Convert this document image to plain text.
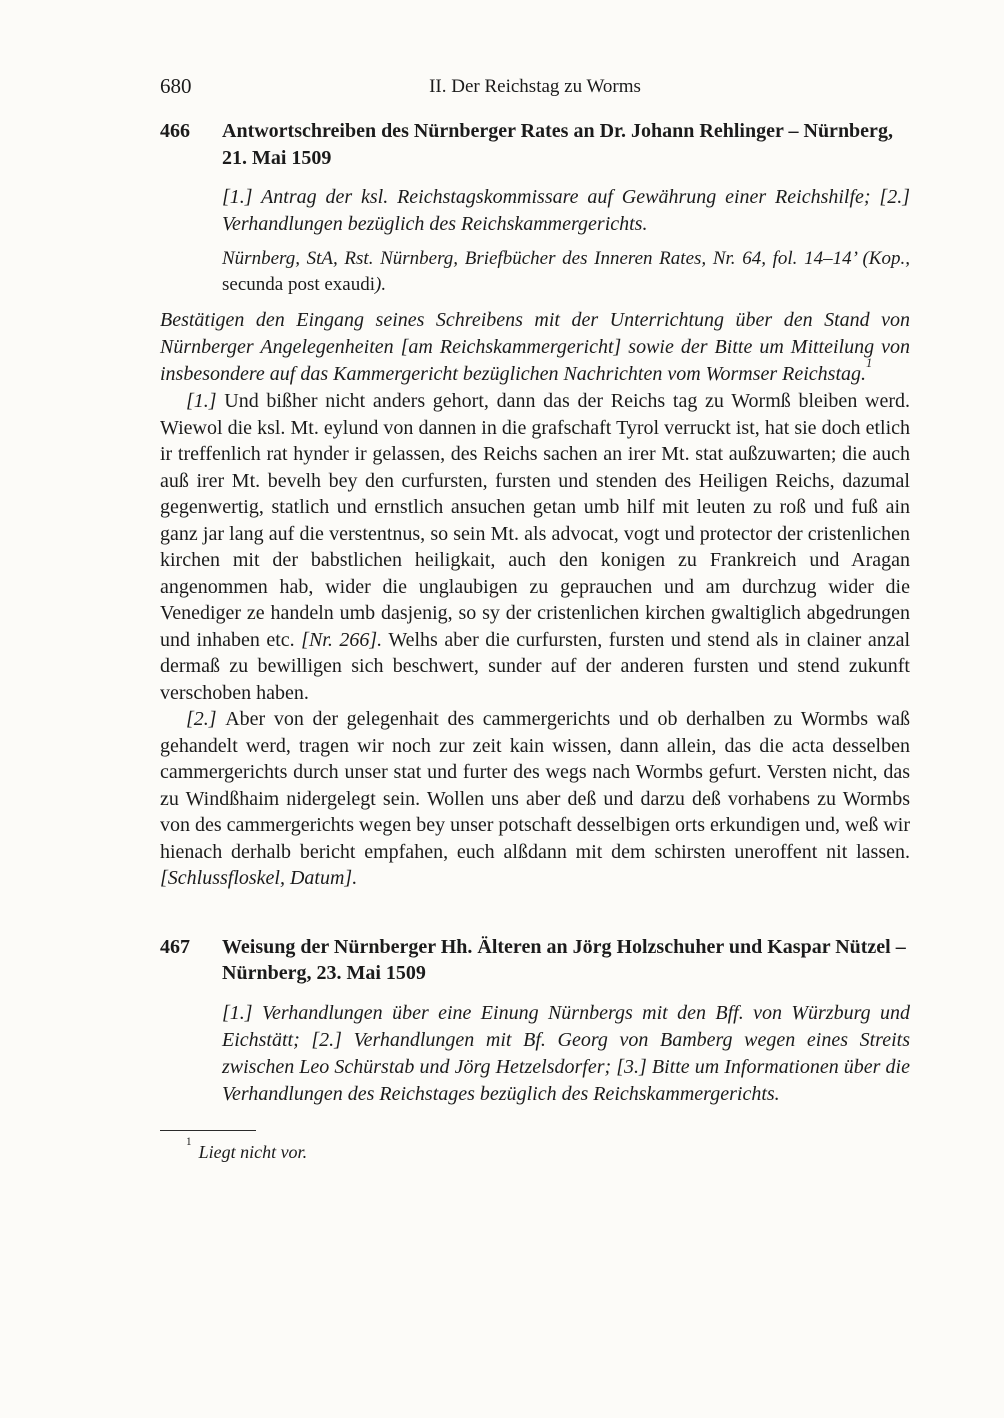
680	II. Der Reichstag zu Worms
466	Antwortschreiben des Nürnberger Rates an Dr. Johann Rehlinger – Nürnberg, 21. Mai 1509

[1.] Antrag der ksl. Reichstagskommissare auf Gewährung einer Reichshilfe; [2.] Verhandlungen bezüglich des Reichskammergerichts.

Nürnberg, StA, Rst. Nürnberg, Briefbücher des Inneren Rates, Nr. 64, fol. 14–14’ (Kop., secunda post exaudi).

Bestätigen den Eingang seines Schreibens mit der Unterrichtung über den Stand von Nürnberger Angelegenheiten [am Reichskammergericht] sowie der Bitte um Mitteilung von insbesondere auf das Kammergericht bezüglichen Nachrichten vom Wormser Reichstag.$^1$

[1.] Und bißher nicht anders gehort, dann das der Reichs tag zu Wormß bleiben werd. Wiewol die ksl. Mt. eylund von dannen in die grafschaft Tyrol verruckt ist, hat sie doch etlich ir treffenlich rat hynder ir gelassen, des Reichs sachen an irer Mt. stat außzuwarten; die auch auß irer Mt. bevelh bey den curfursten, fursten und stenden des Heiligen Reichs, dazumal gegenwertig, statlich und ernstlich ansuchen getan umb hilf mit leuten zu roß und fuß ain ganz jar lang auf die verstentnus, so sein Mt. als advocat, vogt und protector der cristenlichen kirchen mit der babstlichen heiligkait, auch den konigen zu Frankreich und Aragan angenommen hab, wider die unglaubigen zu geprauchen und am durchzug wider die Venediger ze handeln umb dasjenig, so sy der cristenlichen kirchen gwaltiglich abgedrungen und inhaben etc. [Nr. 266]. Welhs aber die curfursten, fursten und stend als in clainer anzal dermaß zu bewilligen sich beschwert, sunder auf der anderen fursten und stend zukunft verschoben haben.

[2.] Aber von der gelegenhait des cammergerichts und ob derhalben zu Wormbs waß gehandelt werd, tragen wir noch zur zeit kain wissen, dann allein, das die acta desselben cammergerichts durch unser stat und furter des wegs nach Wormbs gefurt. Versten nicht, das zu Windßhaim nidergelegt sein. Wollen uns aber deß und darzu deß vorhabens zu Wormbs von des cammergerichts wegen bey unser potschaft desselbigen orts erkundigen und, weß wir hienach derhalb bericht empfahen, euch alßdann mit dem schirsten uneroffent nit lassen. [Schlussfloskel, Datum].

467	Weisung der Nürnberger Hh. Älteren an Jörg Holzschuher und Kaspar Nützel – Nürnberg, 23. Mai 1509

[1.] Verhandlungen über eine Einung Nürnbergs mit den Bff. von Würzburg und Eichstätt; [2.] Verhandlungen mit Bf. Georg von Bamberg wegen eines Streits zwischen Leo Schürstab und Jörg Hetzelsdorfer; [3.] Bitte um Informationen über die Verhandlungen des Reichstages bezüglich des Reichskammergerichts.

$^1$ Liegt nicht vor.
